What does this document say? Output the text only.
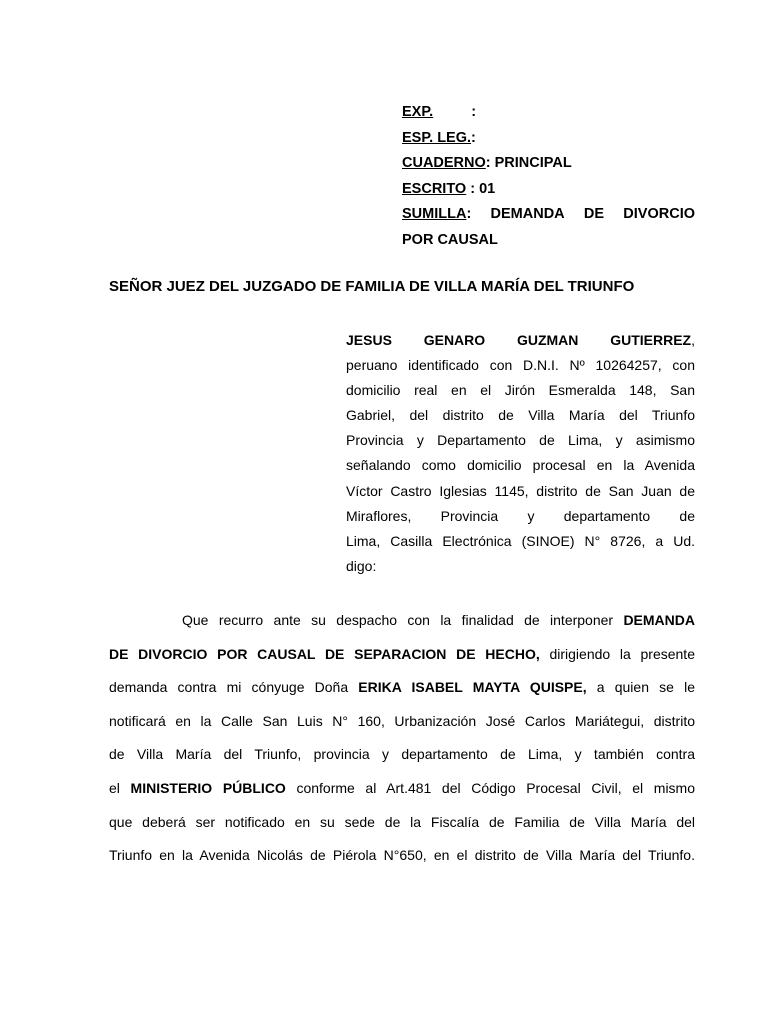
EXP.	:
ESP. LEG.:
CUADERNO: PRINCIPAL
ESCRITO : 01
SUMILLA: DEMANDA DE DIVORCIO
POR CAUSAL
SEÑOR JUEZ DEL JUZGADO DE FAMILIA DE VILLA MARÍA DEL TRIUNFO
JESUS GENARO GUZMAN GUTIERREZ,
peruano identificado con D.N.I. Nº 10264257, con
domicilio real en el Jirón Esmeralda 148, San
Gabriel, del distrito de Villa María del Triunfo
Provincia y Departamento de Lima, y asimismo
señalando como domicilio procesal en la Avenida
Víctor Castro Iglesias 1145, distrito de San Juan de
Miraflores,   Provincia   y   departamento   de
Lima, Casilla Electrónica (SINOE) N° 8726, a Ud.
digo:
Que recurro ante su despacho con la finalidad de interponer DEMANDA
DE DIVORCIO POR CAUSAL DE SEPARACION DE HECHO, dirigiendo la presente
demanda contra mi cónyuge Doña ERIKA ISABEL MAYTA QUISPE, a quien se le
notificará en la Calle San Luis N° 160, Urbanización José Carlos Mariátegui, distrito
de Villa María del Triunfo, provincia y departamento de Lima, y también contra
el MINISTERIO PÚBLICO conforme al Art.481 del Código Procesal Civil, el mismo
que deberá ser notificado en su sede de la Fiscalía de Familia de Villa María del
Triunfo en la Avenida Nicolás de Piérola N°650, en el distrito de Villa María del Triunfo.
